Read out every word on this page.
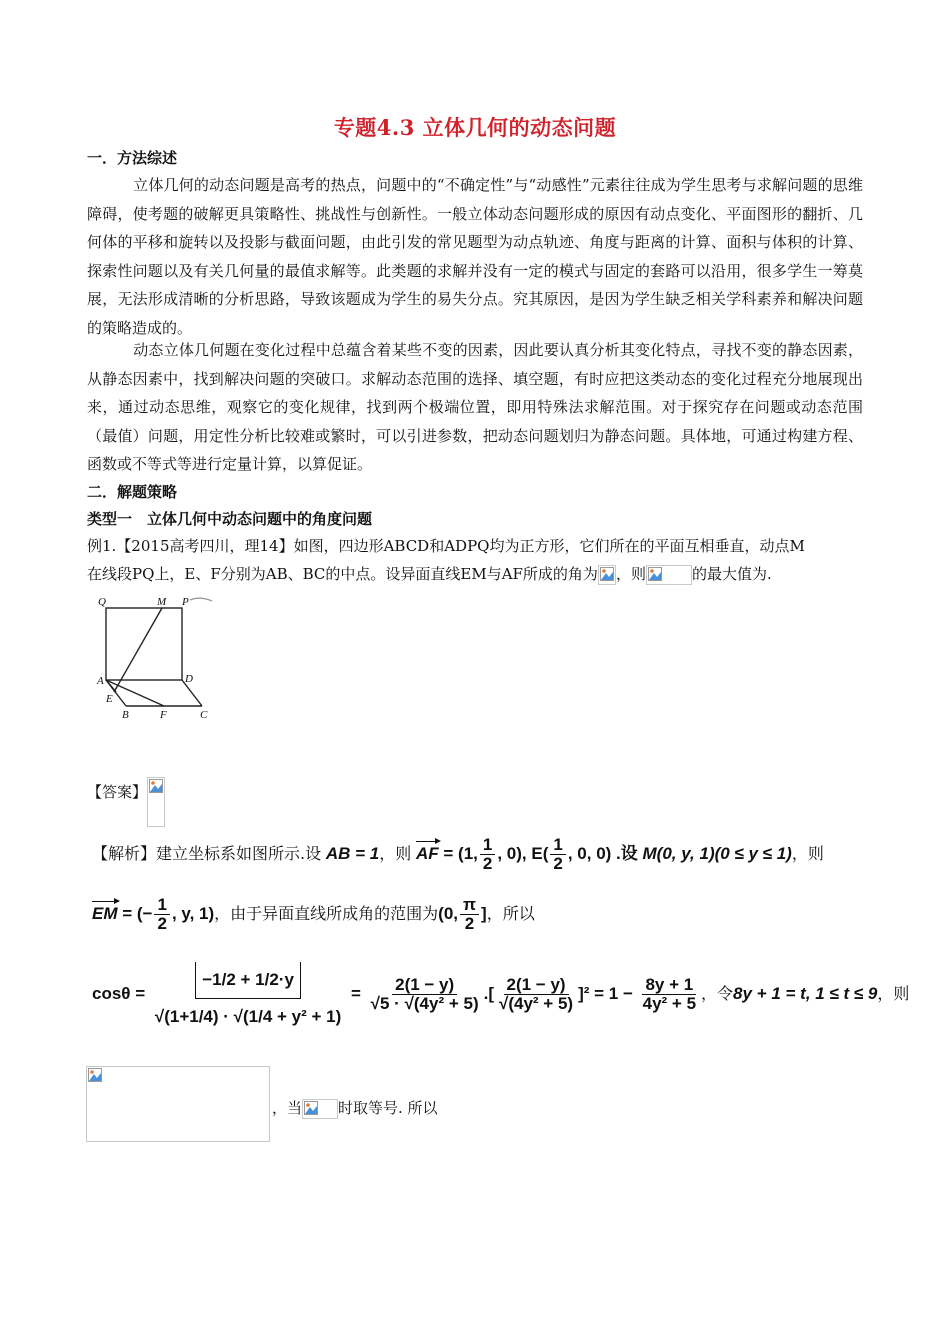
专题4.3 立体几何的动态问题
一．方法综述
立体几何的动态问题是高考的热点，问题中的“不确定性”与“动感性”元素往往成为学生思考与求解问题的思维障碍，使考题的破解更具策略性、挑战性与创新性。一般立体动态问题形成的原因有动点变化、平面图形的翻折、几何体的平移和旋转以及投影与截面问题，由此引发的常见题型为动点轨迹、角度与距离的计算、面积与体积的计算、探索性问题以及有关几何量的最值求解等。此类题的求解并没有一定的模式与固定的套路可以沿用，很多学生一筹莫展，无法形成清晰的分析思路，导致该题成为学生的易失分点。究其原因，是因为学生缺乏相关学科素养和解决问题的策略造成的。
动态立体几何题在变化过程中总蕴含着某些不变的因素，因此要认真分析其变化特点，寻找不变的静态因素，从静态因素中，找到解决问题的突破口。求解动态范围的选择、填空题，有时应把这类动态的变化过程充分地展现出来，通过动态思维，观察它的变化规律，找到两个极端位置，即用特殊法求解范围。对于探究存在问题或动态范围（最值）问题，用定性分析比较难或繁时，可以引进参数，把动态问题划归为静态问题。具体地，可通过构建方程、函数或不等式等进行定量计算，以算促证。
二．解题策略
类型一　立体几何中动态问题中的角度问题
例1.【2015高考四川，理14】如图，四边形ABCD和ADPQ均为正方形，它们所在的平面互相垂直，动点M
在线段PQ上，E、F分别为AB、BC的中点。设异面直线EM与AF所成的角为 ，则	的最大值为.
Q	M P
A	D
E
B	F	C
【答案】
【解析】建立坐标系如图所示.设 AB = 1，则 AF = (1, $\frac{1}{2}$ , 0), $E( \frac{1}{2}$ , 0, 0) .设 M(0, y, 1)(0 ≤ y ≤ 1)，则
EM = (− $\frac{1}{2}$ , y, 1)，由于异面直线所成角的范围为(0, $\frac{\pi}{2}$ ]，所以
$\cos\theta = \frac{-1/2 + 1/2\cdot y}{\text{√(1+1/4) · √(1/4 + y² + 1)}} = \frac{2(1 - y)}{\text{√5 · √(4y² + 5)}}$ .[ $\frac{2(1 - y)}{\text{√(4y² + 5)}} ]^2 = 1 - \frac{8y + 1}{\text{4y² + 5}}$ ，令8y + 1 = t, 1 ≤ t ≤ 9，则
，当 时取等号. 所以
